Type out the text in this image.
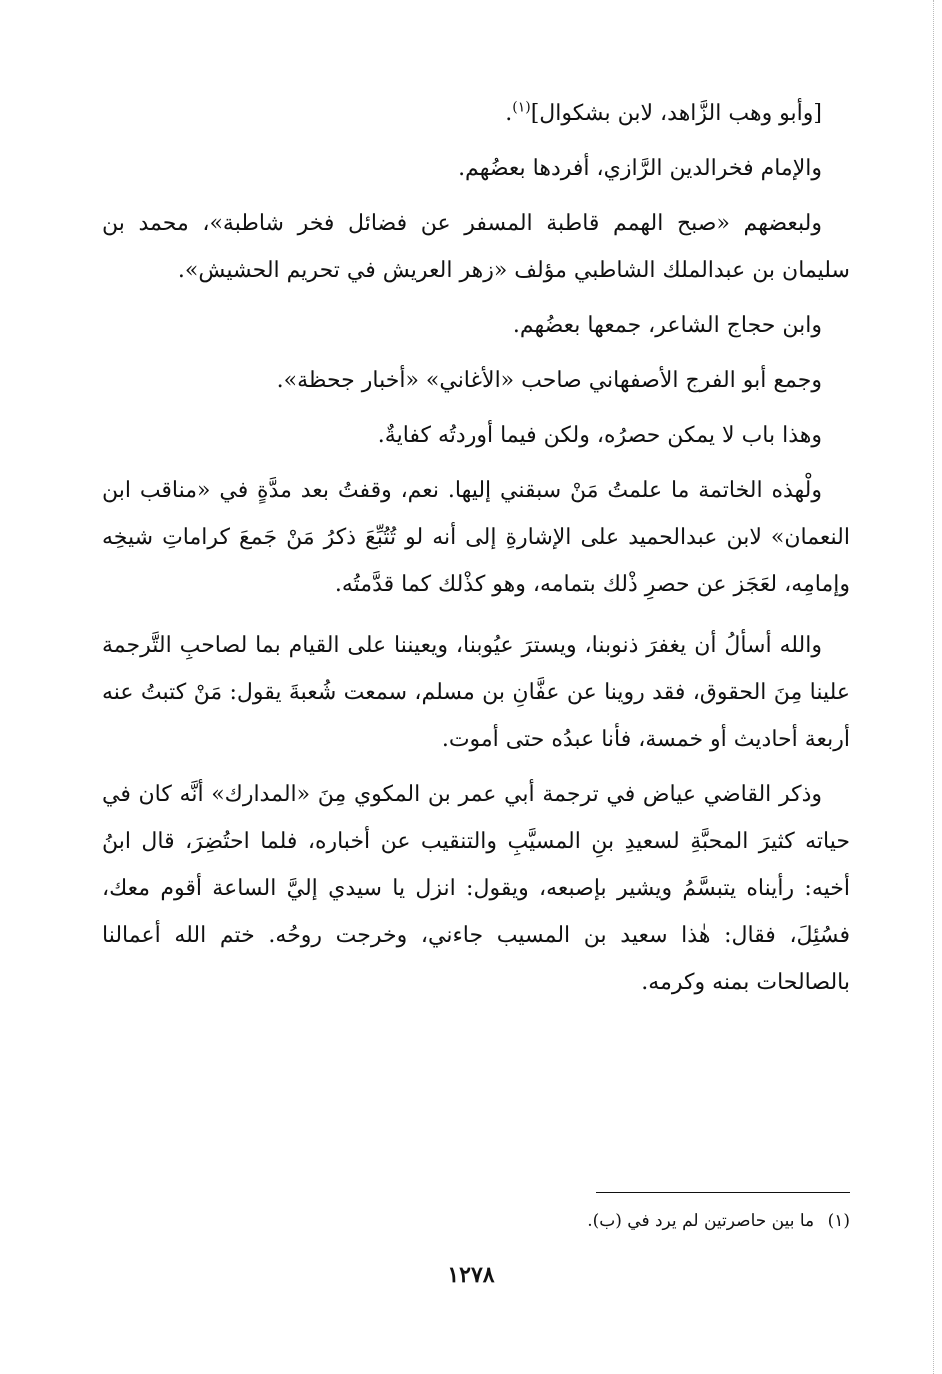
[وأبو وهب الزَّاهد، لابن بشكوال]$^{(١)}$.

والإمام فخرالدين الرَّازي، أفردها بعضُهم.

ولبعضهم «صبح الهمم قاطبة المسفر عن فضائل فخر شاطبة»، محمد بن سليمان بن عبدالملك الشاطبي مؤلف «زهر العريش في تحريم الحشيش».

وابن حجاج الشاعر، جمعها بعضُهم.

وجمع أبو الفرج الأصفهاني صاحب «الأغاني» «أخبار جحظة».

وهذا باب لا يمكن حصرُه، ولكن فيما أوردتُه كفايةٌ.

ولْهذه الخاتمة ما علمتُ مَنْ سبقني إليها. نعم، وقفتُ بعد مدَّةٍ في «مناقب ابن النعمان» لابن عبدالحميد على الإشارةِ إلى أنه لو تُتُبِّعَ ذكرُ مَنْ جَمعَ كراماتِ شيخِه وإمامِه، لعَجَز عن حصرِ ذْلك بتمامه، وهو كذْلك كما قدَّمتُه.

والله أسألُ أن يغفرَ ذنوبنا، ويسترَ عيُوبنا، ويعيننا على القيام بما لصاحبِ التَّرجمة علينا مِنَ الحقوق، فقد روينا عن عفَّانِ بن مسلم، سمعت شُعبةَ يقول: مَنْ كتبتُ عنه أربعة أحاديث أو خمسة، فأنا عبدُه حتى أموت.

وذكر القاضي عياض في ترجمة أبي عمر بن المكوي مِنَ «المدارك» أنَّه كان في حياته كثيرَ المحبَّةِ لسعيدِ بنِ المسيَّبِ والتنقيب عن أخباره، فلما احتُضِرَ، قال ابنُ أخيه: رأيناه يتبسَّمُ ويشير بإصبعه، ويقول: انزل يا سيدي إليَّ الساعة أقوم معك، فسُئِلَ، فقال: هٰذا سعيد بن المسيب جاءني، وخرجت روحُه. ختم الله أعمالنا بالصالحات بمنه وكرمه.

(١) ما بين حاصرتين لم يرد في (ب).
١٢٧٨
